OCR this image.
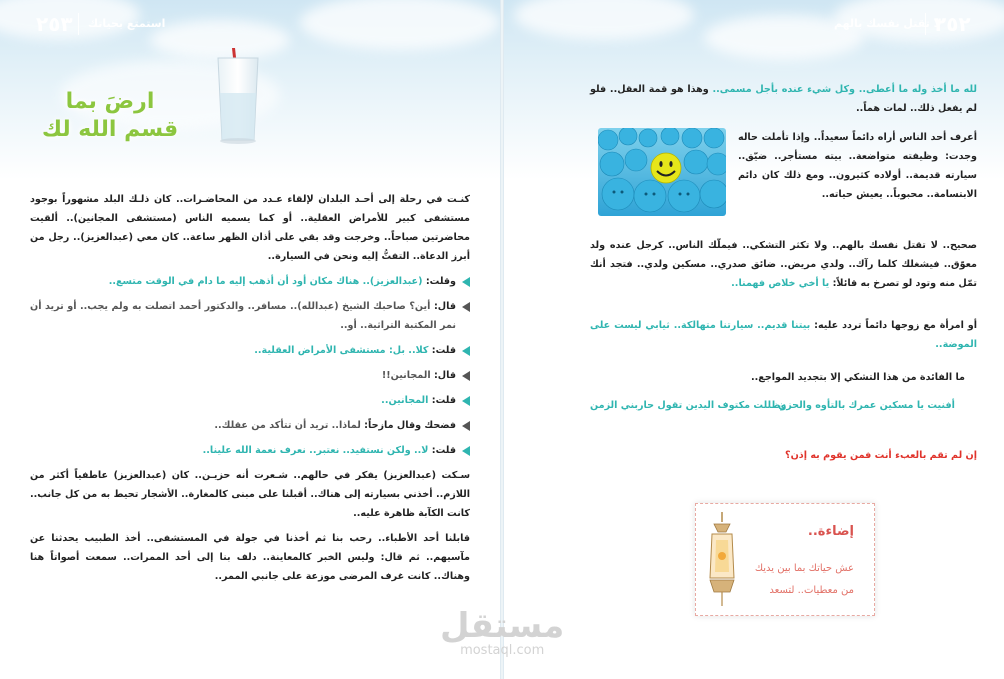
٢٥٣ استمتع بحياتك
ارضَ بما
قسم الله لك
كنـت في رحلة إلى أحـد البلدان لإلقاء عـدد من المحاضـرات.. كان ذلـك البلد مشهوراً بوجود مستشفى كبير للأمراض العقلية.. أو كما يسميه الناس (مستشفى المجانين).. ألقيت محاضرتين صباحاً.. وخرجت وقد بقي على أذان الظهر ساعة.. كان معي (عبدالعزيز).. رجل من أبرز الدعاة.. التفتُّ إليه ونحن في السيارة..
وقلت: (عبدالعزيز).. هناك مكان أود أن أذهب إليه ما دام في الوقت متسع..
قال: أين؟ صاحبك الشيخ (عبدالله).. مسافر.. والدكتور أحمد اتصلت به ولم يجب.. أو تريد أن نمر المكتبة التراثية.. أو..
قلت: كلا.. بل: مستشفى الأمراض العقلية..
قال: المجانين!!
قلت: المجانين..
فضحك وقال مازحاً: لماذا.. تريد أن تتأكد من عقلك..
قلت: لا.. ولكن نستفيد.. نعتبر.. نعرف نعمة الله علينا..
سـكت (عبدالعزيز) يفكر في حالهم.. شـعرت أنه حزيـن.. كان (عبدالعزيز) عاطفياً أكثر من اللازم.. أخذني بسيارته إلى هناك.. أقبلنا على مبنى كالمغارة.. الأشجار تحيط به من كل جانب.. كانت الكآبة ظاهرة عليه..
قابلنا أحد الأطباء.. رحب بنا ثم أخذنا في جولة في المستشفى.. أخذ الطبيب يحدثنا عن مآسيهم.. ثم قال: وليس الخبر كالمعاينة.. دلف بنا إلى أحد الممرات.. سمعت أصواتاً هنا وهناك.. كانت غرف المرضى موزعة على جانبي الممر..
٢٥٢
لا تقتل نفسك بالهم
لله ما أخذ وله ما أعطى.. وكل شيء عنده بأجل مسمى.. وهذا هو قمة العقل.. فلو لم يفعل ذلك.. لمات هماً..
أعرف أحد الناس أراه دائماً سعيداً.. وإذا تأملت حاله وجدت: وظيفته متواضعة.. بيته مستأجر.. ضيّق.. سيارته قديمة.. أولاده كثيرون.. ومع ذلك كان دائم الابتسامة.. محبوباً.. يعيش حياته..
صحيح.. لا تقتل نفسك بالهم.. ولا تكثر التشكي.. فيملّك الناس.. كرجل عنده ولد معوّق.. فيشغلك كلما رآك.. ولدي مريض.. ضائق صدري.. مسكين ولدي.. فتجد أنك تمّل منه وتود لو تصرخ به قائلاً: يا أخي خلاص فهمنا..
أو امرأة مع زوجها دائماً تردد عليه: بيتنا قديم.. سيارتنا متهالكة.. ثيابي ليست على الموضة..
ما الفائدة من هذا التشكي إلا بتجديد المواجع..
أفنيت يا مسكين عمرك بالتأوه والحزن
وظللت مكتوف اليدين تقول حاربني الزمن
إن لم تقم بالعبء أنت فمن يقوم به إذن؟
إضاءة..
عش حياتك بما بين يديك
من معطيات.. لتسعد
مستقل
mostaql.com
